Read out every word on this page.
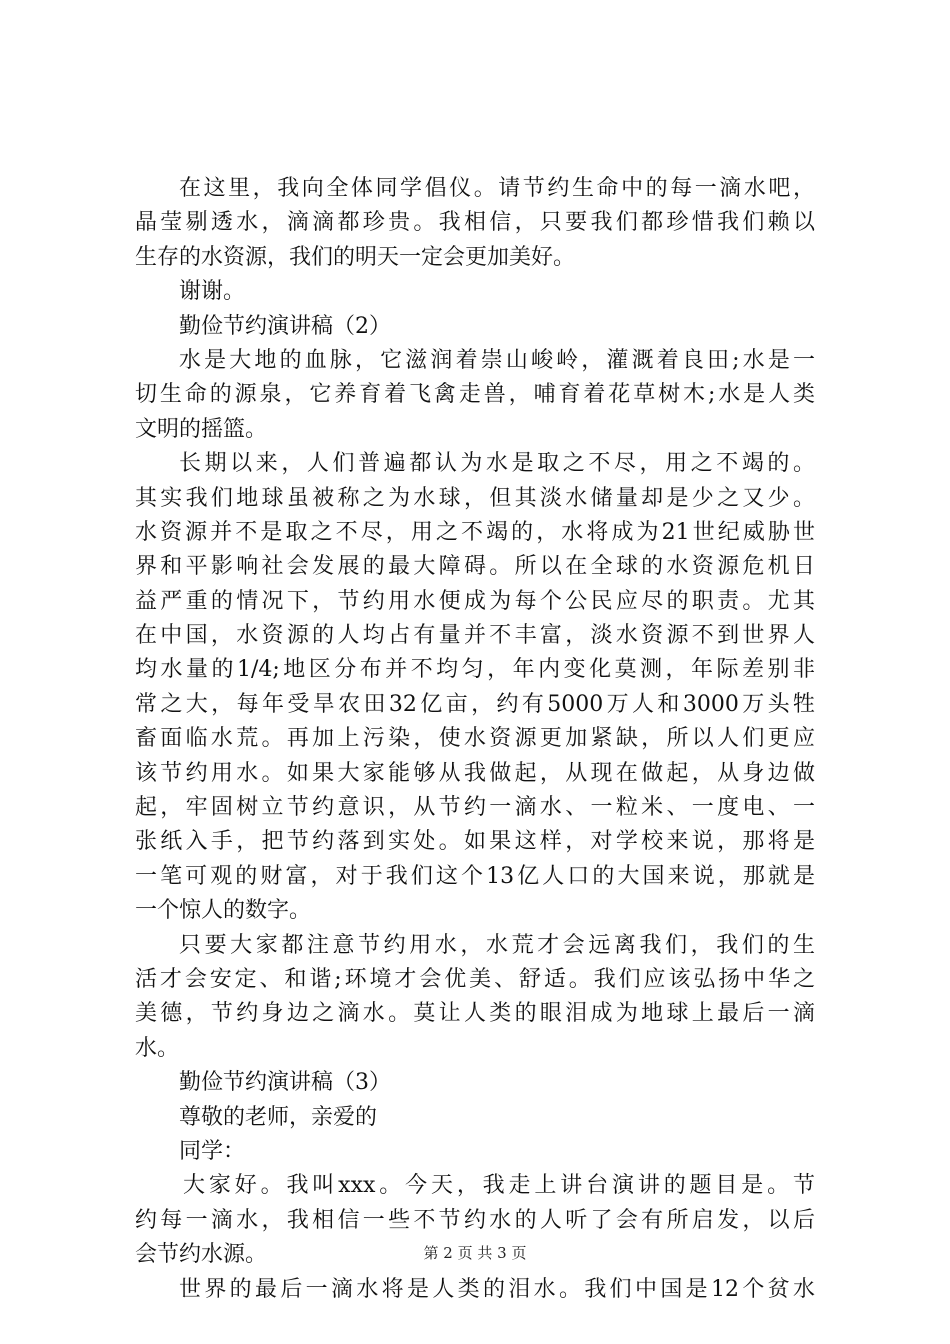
在这里，我向全体同学倡仪。请节约生命中的每一滴水吧，
晶莹剔透水，滴滴都珍贵。我相信，只要我们都珍惜我们赖以
生存的水资源，我们的明天一定会更加美好。
谢谢。
勤俭节约演讲稿（2）
水是大地的血脉，它滋润着崇山峻岭，灌溉着良田;水是一
切生命的源泉，它养育着飞禽走兽，哺育着花草树木;水是人类
文明的摇篮。
长期以来，人们普遍都认为水是取之不尽，用之不竭的。
其实我们地球虽被称之为水球，但其淡水储量却是少之又少。
水资源并不是取之不尽，用之不竭的，水将成为21世纪威胁世
界和平影响社会发展的最大障碍。所以在全球的水资源危机日
益严重的情况下，节约用水便成为每个公民应尽的职责。尤其
在中国，水资源的人均占有量并不丰富，淡水资源不到世界人
均水量的1/4;地区分布并不均匀，年内变化莫测，年际差别非
常之大，每年受旱农田32亿亩，约有5000万人和3000万头牲
畜面临水荒。再加上污染，使水资源更加紧缺，所以人们更应
该节约用水。如果大家能够从我做起，从现在做起，从身边做
起，牢固树立节约意识，从节约一滴水、一粒米、一度电、一
张纸入手，把节约落到实处。如果这样，对学校来说，那将是
一笔可观的财富，对于我们这个13亿人口的大国来说，那就是
一个惊人的数字。
只要大家都注意节约用水，水荒才会远离我们，我们的生
活才会安定、和谐;环境才会优美、舒适。我们应该弘扬中华之
美德，节约身边之滴水。莫让人类的眼泪成为地球上最后一滴
水。
勤俭节约演讲稿（3）
尊敬的老师，亲爱的
同学：
大家好。我叫xxx。今天，我走上讲台演讲的题目是。节
约每一滴水，我相信一些不节约水的人听了会有所启发，以后
会节约水源。
世界的最后一滴水将是人类的泪水。我们中国是12个贫水
第 2 页 共 3 页
